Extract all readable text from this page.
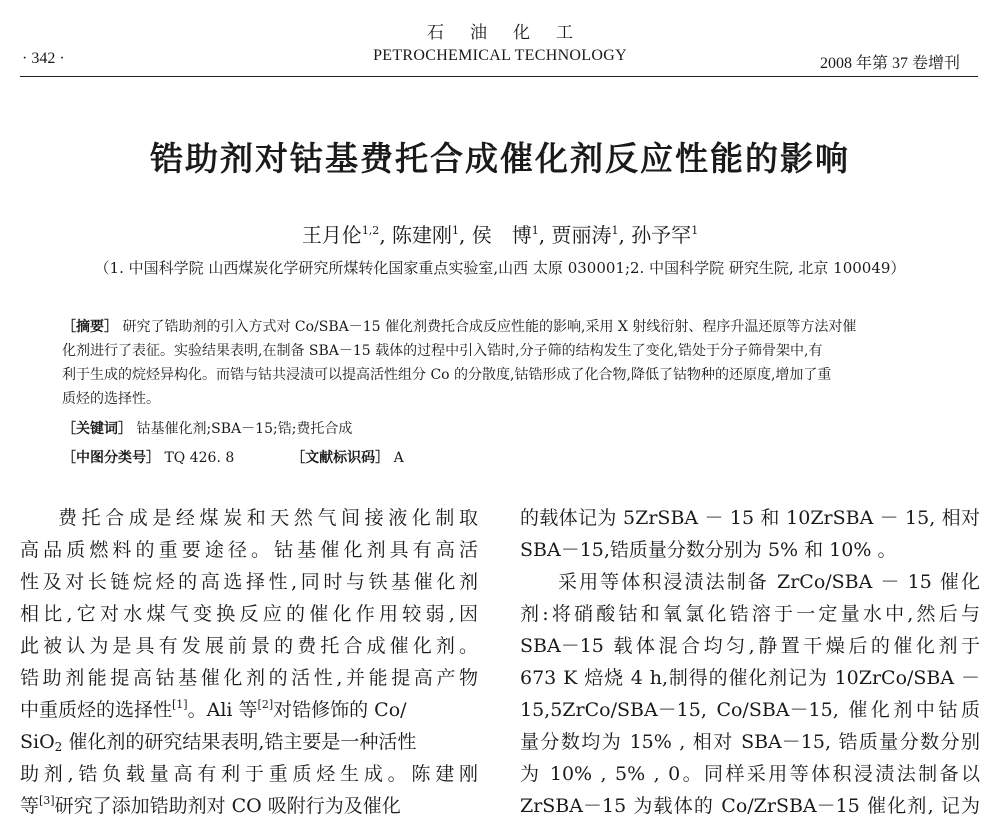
石油化工
PETROCHEMICAL TECHNOLOGY
· 342 ·	2008 年第 37 卷增刊
锆助剂对钴基费托合成催化剂反应性能的影响
王月伦$^{1,2}$, 陈建刚$^1$, 侯　博$^1$, 贾丽涛$^1$, 孙予罕$^1$
（1. 中国科学院 山西煤炭化学研究所煤转化国家重点实验室,山西 太原 030001;2. 中国科学院 研究生院, 北京 100049）
［摘要］ 研究了锆助剂的引入方式对 Co/SBA－15 催化剂费托合成反应性能的影响,采用 X 射线衍射、程序升温还原等方法对催
化剂进行了表征。实验结果表明,在制备 SBA－15 载体的过程中引入锆时,分子筛的结构发生了变化,锆处于分子筛骨架中,有
利于生成的烷烃异构化。而锆与钴共浸渍可以提高活性组分 Co 的分散度,钴锆形成了化合物,降低了钴物种的还原度,增加了重
质烃的选择性。
［关键词］ 钴基催化剂;SBA－15;锆;费托合成
［中图分类号］ TQ 426. 8	［文献标识码］ A
费托合成是经煤炭和天然气间接液化制取
高品质燃料的重要途径。钴基催化剂具有高活
性及对长链烷烃的高选择性,同时与铁基催化剂
相比,它对水煤气变换反应的催化作用较弱,因
此被认为是具有发展前景的费托合成催化剂。
锆助剂能提高钴基催化剂的活性,并能提高产物
中重质烃的选择性[1]。Ali 等[2]对锆修饰的 Co/
SiO$_2$ 催化剂的研究结果表明,锆主要是一种活性
助剂,锆负载量高有利于重质烃生成。陈建刚
等[3]研究了添加锆助剂对 CO 吸附行为及催化
的载体记为 5ZrSBA － 15 和 10ZrSBA － 15, 相对
SBA－15,锆质量分数分别为 5% 和 10% 。
采用等体积浸渍法制备 ZrCo/SBA － 15 催化
剂:将硝酸钴和氧氯化锆溶于一定量水中,然后与
SBA－15 载体混合均匀,静置干燥后的催化剂于
673 K 焙烧 4 h,制得的催化剂记为 10ZrCo/SBA －
15,5ZrCo/SBA－15, Co/SBA－15, 催化剂中钴质
量分数均为 15% , 相对 SBA－15, 锆质量分数分别
为 10% , 5% , 0。同样采用等体积浸渍法制备以
ZrSBA－15 为载体的 Co/ZrSBA－15 催化剂, 记为
